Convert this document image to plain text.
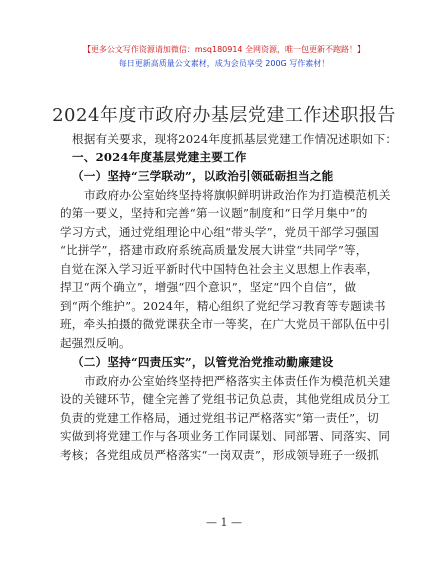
【更多公文写作资源请加微信：msq180914 全网资源，唯一包更新不跑路！】
每日更新高质量公文素材，成为会员享受 200G 写作素材！
2024年度市政府办基层党建工作述职报告
根据有关要求，现将2024年度抓基层党建工作情况述职如下：
一、2024年度基层党建主要工作
（一）坚持“三学联动”，以政治引领砥砺担当之能
市政府办公室始终坚持将旗帜鲜明讲政治作为打造模范机关
的第一要义，坚持和完善“第一议题”制度和“日学月集中”的
学习方式，通过党组理论中心组“带头学”，党员干部学习强国
“比拼学”，搭建市政府系统高质量发展大讲堂“共同学”等，
自觉在深入学习近平新时代中国特色社会主义思想上作表率，
捍卫“两个确立”，增强“四个意识”，坚定“四个自信”，做
到“两个维护”。2024年，精心组织了党纪学习教育等专题读书
班，牵头拍摄的微党课获全市一等奖，在广大党员干部队伍中引
起强烈反响。
（二）坚持“四责压实”，以管党治党推动勤廉建设
市政府办公室始终坚持把严格落实主体责任作为模范机关建
设的关键环节，健全完善了党组书记负总责，其他党组成员分工
负责的党建工作格局，通过党组书记严格落实“第一责任”，切
实做到将党建工作与各项业务工作同谋划、同部署、同落实、同
考核；各党组成员严格落实“一岗双责”，形成领导班子一级抓
— 1 —
